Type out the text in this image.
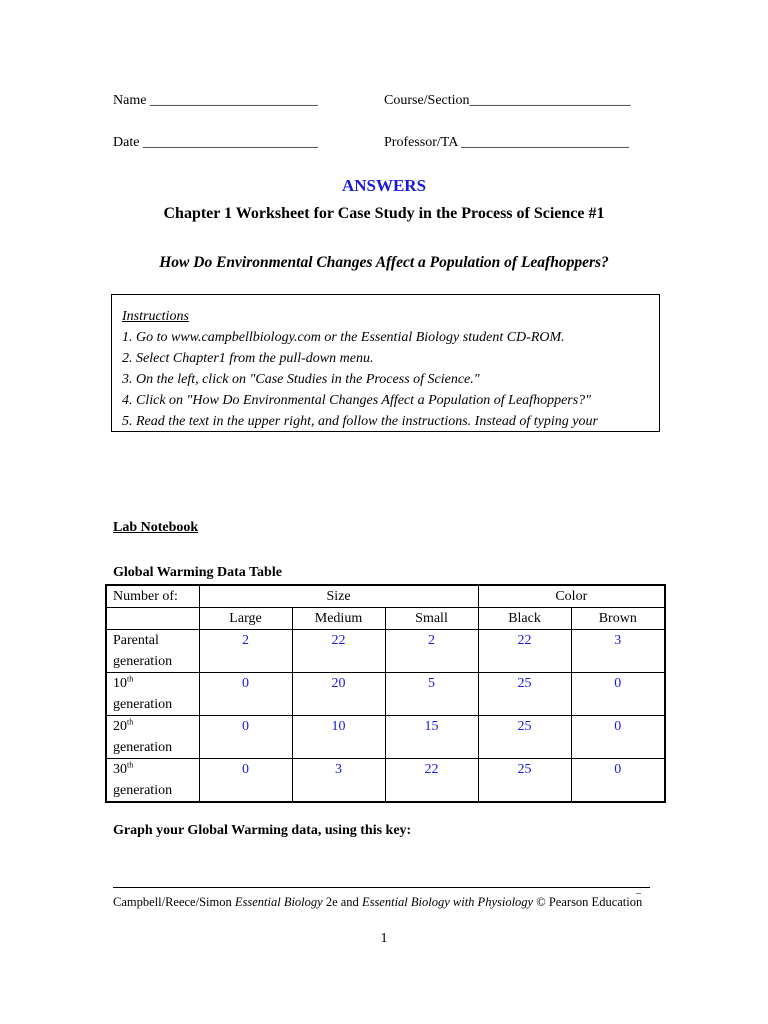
Name ________________________	Course/Section_______________________
Date _________________________	Professor/TA ________________________
ANSWERS
Chapter 1 Worksheet for Case Study in the Process of Science #1
How Do Environmental Changes Affect a Population of Leafhoppers?
Instructions
1. Go to www.campbellbiology.com or the Essential Biology student CD-ROM.
2. Select Chapter1 from the pull-down menu.
3. On the left, click on "Case Studies in the Process of Science."
4. Click on "How Do Environmental Changes Affect a Population of Leafhoppers?"
5. Read the text in the upper right, and follow the instructions. Instead of typing your
Lab Notebook
Global Warming Data Table
Number of:	Size			Color	
	Large	Medium	Small	Black	Brown
Parental
generation	2	22	2	22	3
10th
generation	0	20	5	25	0
20th
generation	0	10	15	25	0
30th
generation	0	3	22	25	0
Graph your Global Warming data, using this key:
_
Campbell/Reece/Simon Essential Biology 2e and Essential Biology with Physiology © Pearson Education
1
